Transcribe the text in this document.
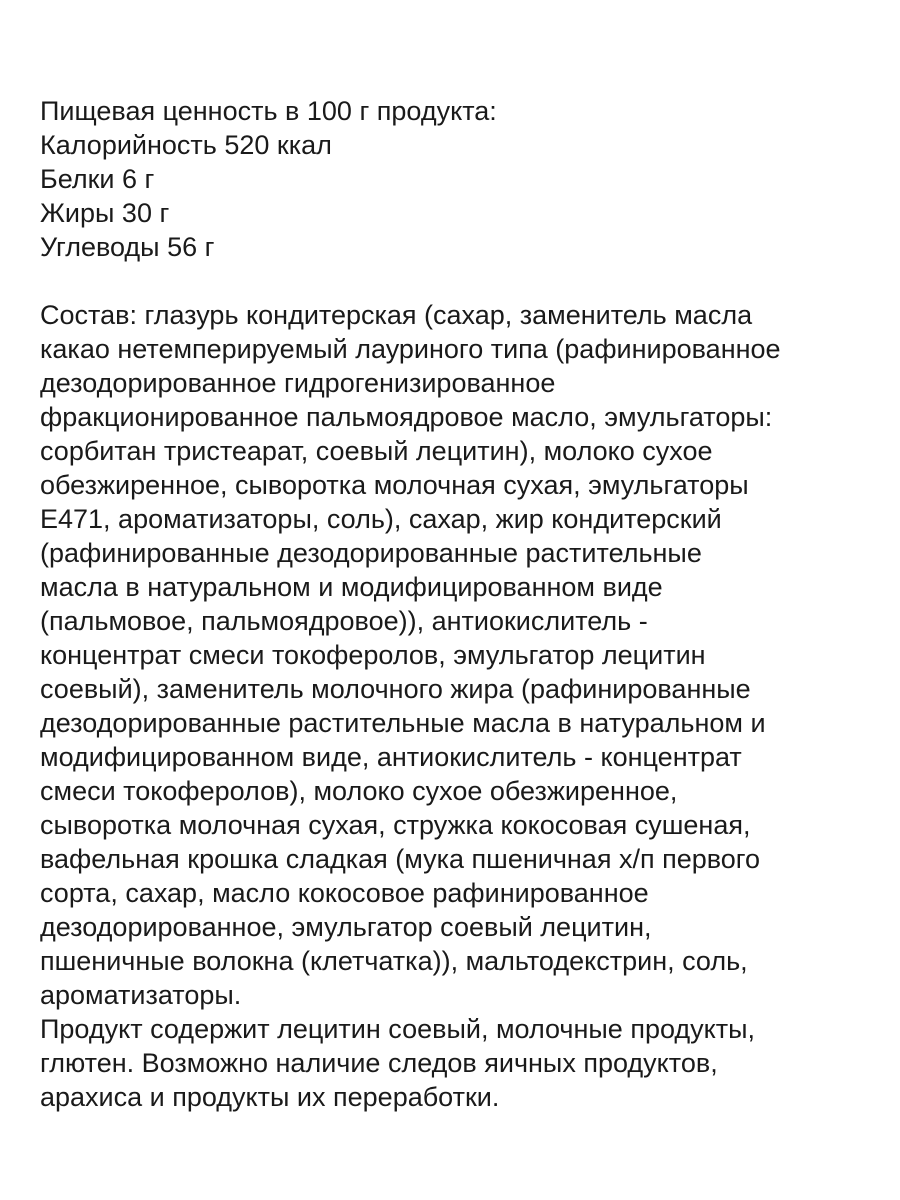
Пищевая ценность в 100 г продукта:
Калорийность 520 ккал
Белки 6 г
Жиры 30 г
Углеводы 56 г
Состав: глазурь кондитерская (сахар, заменитель масла
какао нетемперируемый лауриного типа (рафинированное
дезодорированное гидрогенизированное
фракционированное пальмоядровое масло, эмульгаторы:
сорбитан тристеарат, соевый лецитин), молоко сухое
обезжиренное, сыворотка молочная сухая, эмульгаторы
Е471, ароматизаторы, соль), сахар, жир кондитерский
(рафинированные дезодорированные растительные
масла в натуральном и модифицированном виде
(пальмовое, пальмоядровое)), антиокислитель -
концентрат смеси токоферолов, эмульгатор лецитин
соевый), заменитель молочного жира (рафинированные
дезодорированные растительные масла в натуральном и
модифицированном виде, антиокислитель - концентрат
смеси токоферолов), молоко сухое обезжиренное,
сыворотка молочная сухая, стружка кокосовая сушеная,
вафельная крошка сладкая (мука пшеничная х/п первого
сорта, сахар, масло кокосовое рафинированное
дезодорированное, эмульгатор соевый лецитин,
пшеничные волокна (клетчатка)), мальтодекстрин, соль,
ароматизаторы.
Продукт содержит лецитин соевый, молочные продукты,
глютен. Возможно наличие следов яичных продуктов,
арахиса и продукты их переработки.
